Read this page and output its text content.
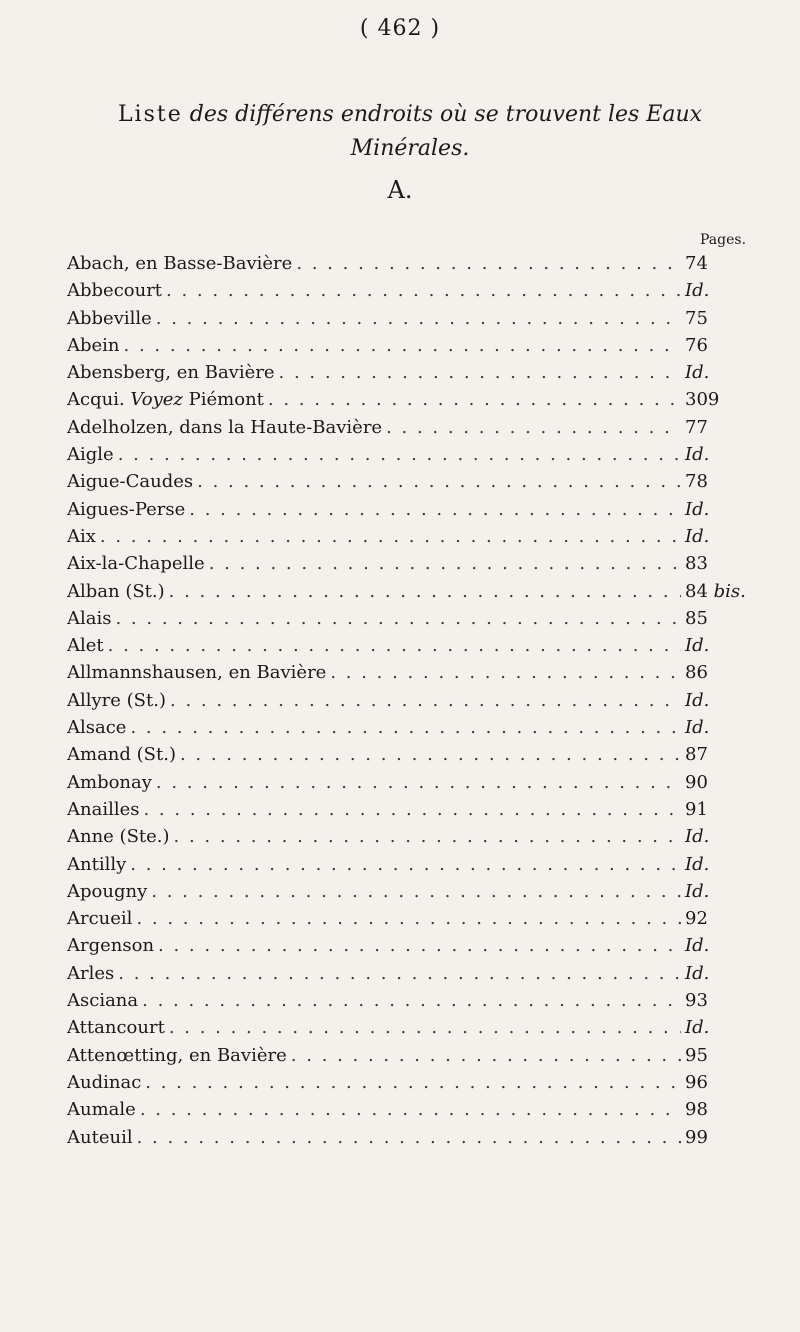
( 462 )
Liste des différens endroits où se trouvent les Eaux
Minérales.
A.
Pages.
Abach, en Basse-Bavière . . .	74
Abbecourt . . .	Id.
Abbeville . . .	75
Abein . . .	76
Abensberg, en Bavière . . .	Id.
Acqui. Voyez Piémont . . .	309
Adelholzen, dans la Haute-Bavière . . .	77
Aigle . . .	Id.
Aigue-Caudes . . .	78
Aigues-Perse . . .	Id.
Aix . . .	Id.
Aix-la-Chapelle . . .	83
Alban (St.) . . .	84 bis.
Alais . . .	85
Alet . . .	Id.
Allmannshausen, en Bavière . . .	86
Allyre (St.) . . .	Id.
Alsace . . .	Id.
Amand (St.) . . .	87
Ambonay . . .	90
Anailles . . .	91
Anne (Ste.) . . .	Id.
Antilly . . .	Id.
Apougny . . .	Id.
Arcueil . . .	92
Argenson . . .	Id.
Arles . . .	Id.
Asciana . . .	93
Attancourt . . .	Id.
Attenœtting, en Bavière . . .	95
Audinac . . .	96
Aumale . . .	98
Auteuil . . .	99
